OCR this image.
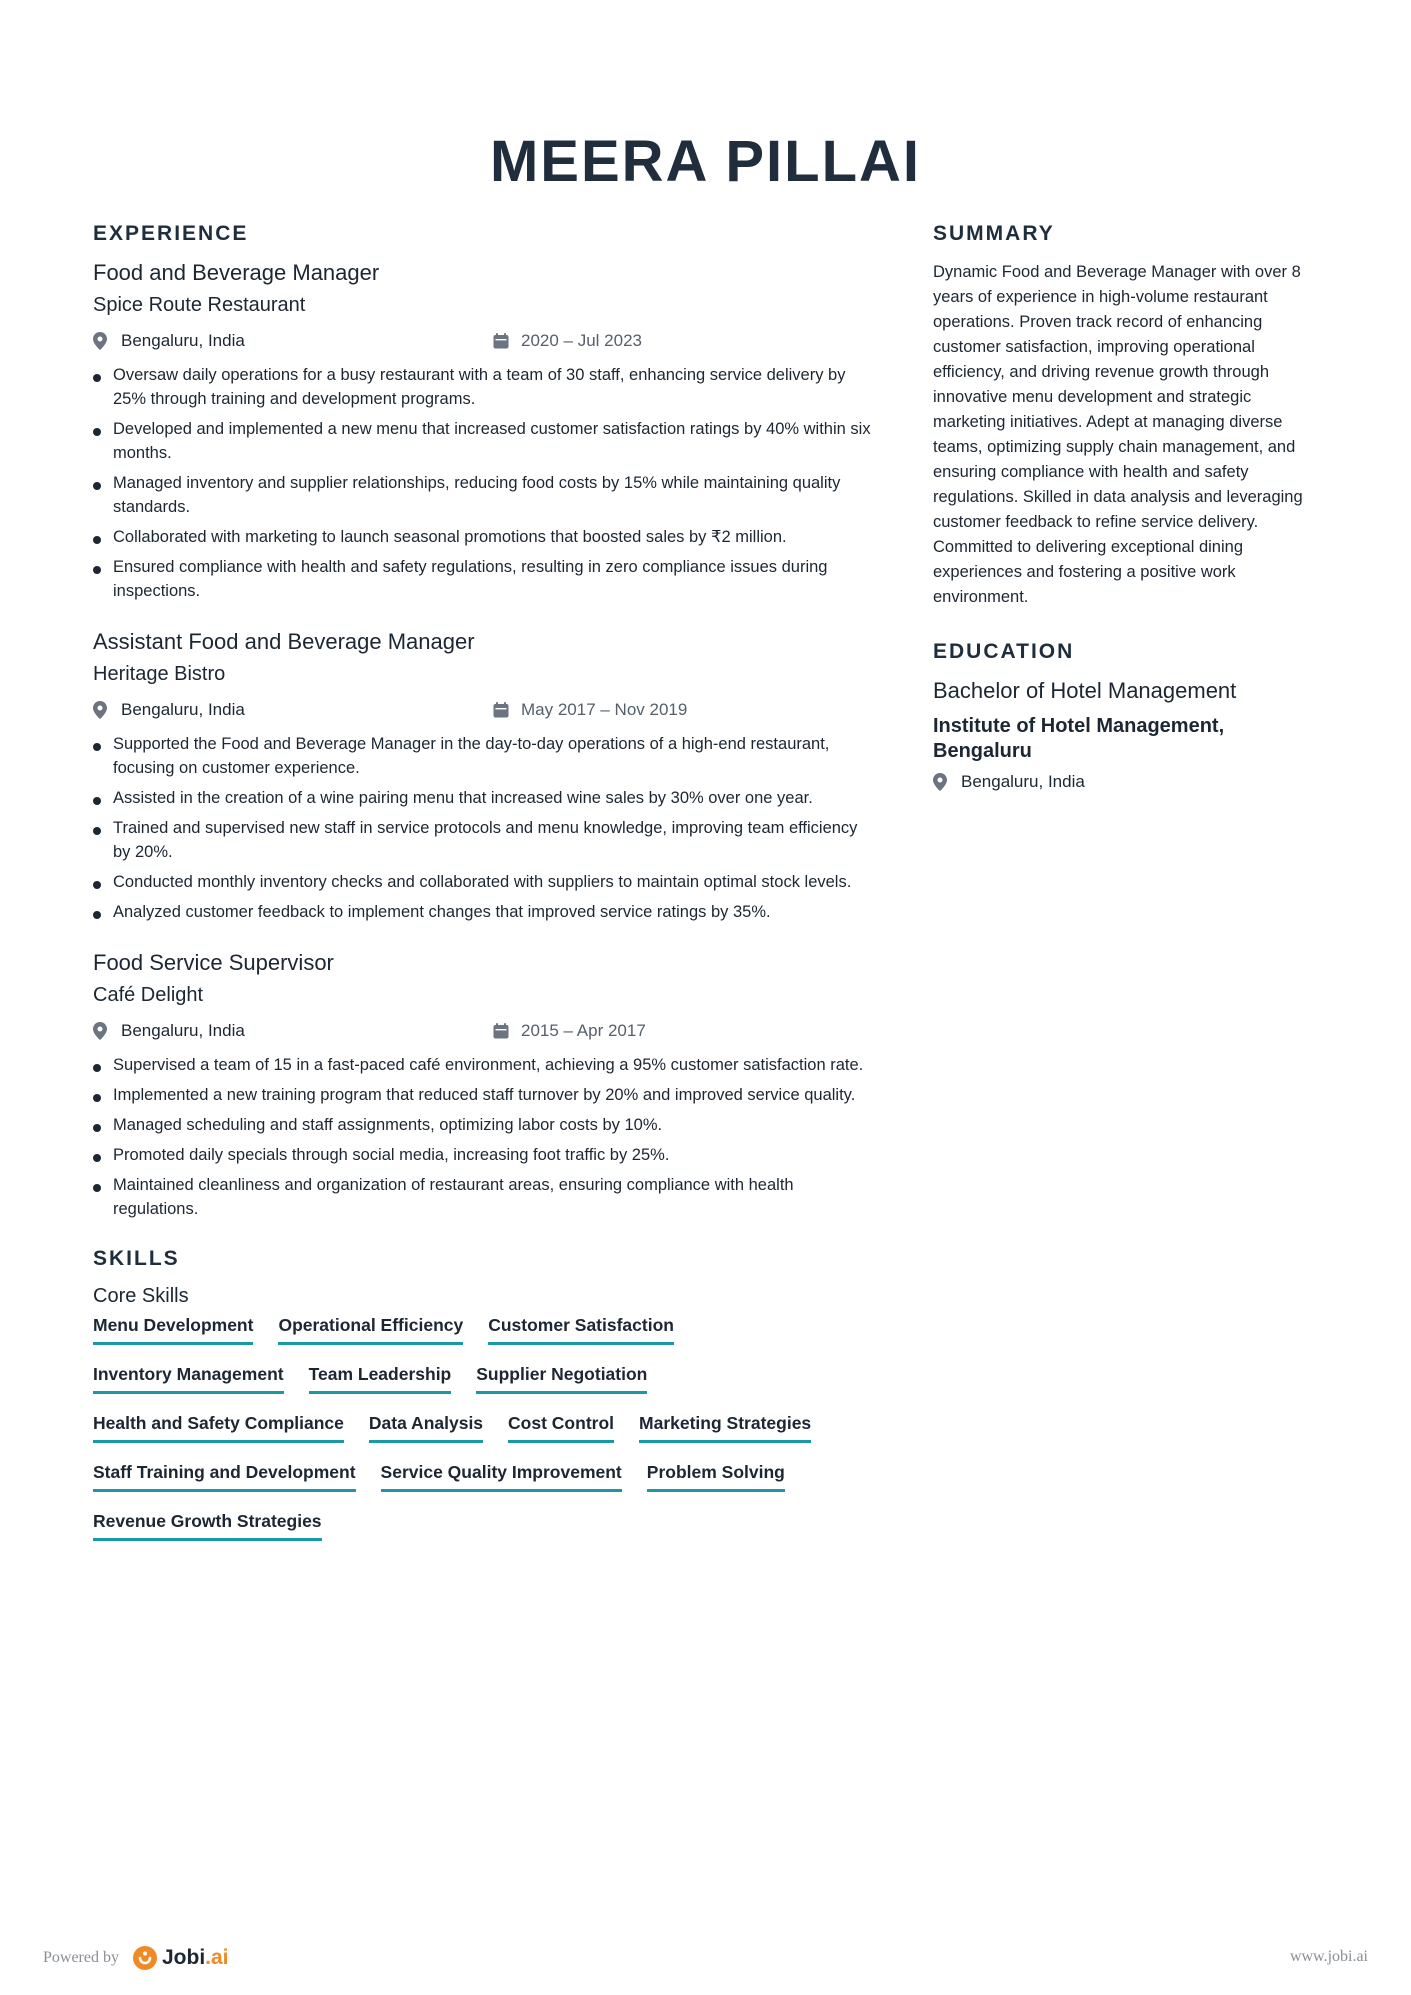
MEERA PILLAI
EXPERIENCE
Food and Beverage Manager
Spice Route Restaurant
Bengaluru, India	2020 – Jul 2023
Oversaw daily operations for a busy restaurant with a team of 30 staff, enhancing service delivery by 25% through training and development programs.
Developed and implemented a new menu that increased customer satisfaction ratings by 40% within six months.
Managed inventory and supplier relationships, reducing food costs by 15% while maintaining quality standards.
Collaborated with marketing to launch seasonal promotions that boosted sales by ₹2 million.
Ensured compliance with health and safety regulations, resulting in zero compliance issues during inspections.
Assistant Food and Beverage Manager
Heritage Bistro
Bengaluru, India	May 2017 – Nov 2019
Supported the Food and Beverage Manager in the day-to-day operations of a high-end restaurant, focusing on customer experience.
Assisted in the creation of a wine pairing menu that increased wine sales by 30% over one year.
Trained and supervised new staff in service protocols and menu knowledge, improving team efficiency by 20%.
Conducted monthly inventory checks and collaborated with suppliers to maintain optimal stock levels.
Analyzed customer feedback to implement changes that improved service ratings by 35%.
Food Service Supervisor
Café Delight
Bengaluru, India	2015 – Apr 2017
Supervised a team of 15 in a fast-paced café environment, achieving a 95% customer satisfaction rate.
Implemented a new training program that reduced staff turnover by 20% and improved service quality.
Managed scheduling and staff assignments, optimizing labor costs by 10%.
Promoted daily specials through social media, increasing foot traffic by 25%.
Maintained cleanliness and organization of restaurant areas, ensuring compliance with health regulations.
SKILLS
Core Skills
Menu Development Operational Efficiency Customer Satisfaction
Inventory Management Team Leadership Supplier Negotiation
Health and Safety Compliance Data Analysis Cost Control Marketing Strategies
Staff Training and Development Service Quality Improvement Problem Solving
Revenue Growth Strategies
SUMMARY

Dynamic Food and Beverage Manager with over 8 years of experience in high-volume restaurant operations. Proven track record of enhancing customer satisfaction, improving operational efficiency, and driving revenue growth through innovative menu development and strategic marketing initiatives. Adept at managing diverse teams, optimizing supply chain management, and ensuring compliance with health and safety regulations. Skilled in data analysis and leveraging customer feedback to refine service delivery. Committed to delivering exceptional dining experiences and fostering a positive work environment.

EDUCATION
Bachelor of Hotel Management
Institute of Hotel Management, Bengaluru
Bengaluru, India
Powered by Jobi .ai	www.jobi.ai
